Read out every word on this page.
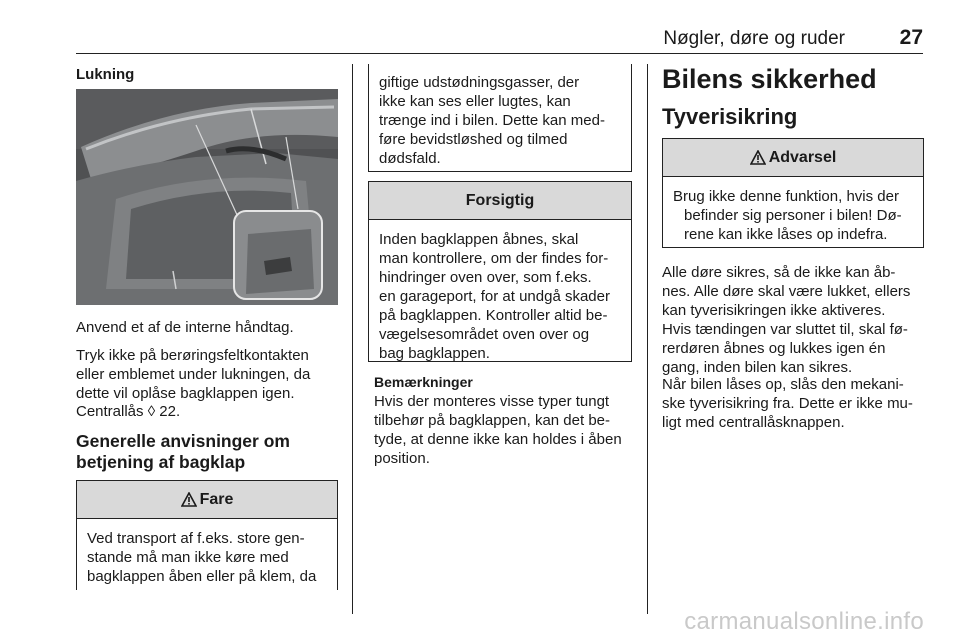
Nøgler, døre og ruder	27
Lukning

Anvend et af de interne håndtag.

Tryk ikke på berøringsfeltkontakten
eller emblemet under lukningen, da
dette vil oplåse bagklappen igen.
Centrallås ◊ 22.
Generelle anvisninger om
betjening af bagklap
Fare
Ved transport af f.eks. store gen-
stande må man ikke køre med
bagklappen åben eller på klem, da
giftige udstødningsgasser, der
ikke kan ses eller lugtes, kan
trænge ind i bilen. Dette kan med-
føre bevidstløshed og tilmed
dødsfald.
Forsigtig
Inden bagklappen åbnes, skal
man kontrollere, om der findes for-
hindringer oven over, som f.eks.
en garageport, for at undgå skader
på bagklappen. Kontroller altid be-
vægelsesområdet oven over og
bag bagklappen.
Bemærkninger
Hvis der monteres visse typer tungt
tilbehør på bagklappen, kan det be-
tyde, at denne ikke kan holdes i åben
position.
Bilens sikkerhed
Tyverisikring
Advarsel
Brug ikke denne funktion, hvis der
befinder sig personer i bilen! Dø-
rene kan ikke låses op indefra.
Alle døre sikres, så de ikke kan åb-
nes. Alle døre skal være lukket, ellers
kan tyverisikringen ikke aktiveres.
Hvis tændingen var sluttet til, skal fø-
rerdøren åbnes og lukkes igen én
gang, inden bilen kan sikres.
Når bilen låses op, slås den mekani-
ske tyverisikring fra. Dette er ikke mu-
ligt med centrallåsknappen.
carmanualsonline.info
